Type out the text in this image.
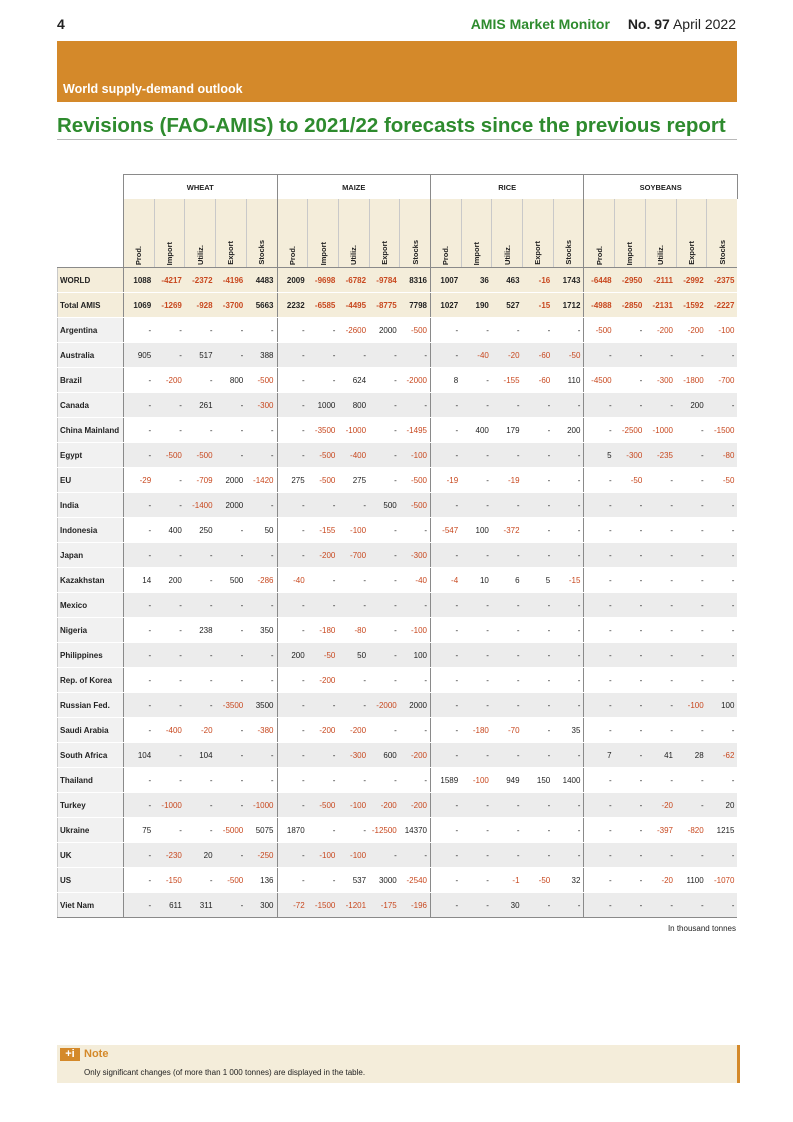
4	AMIS Market Monitor No. 97 April 2022
World supply-demand outlook
Revisions (FAO-AMIS) to 2021/22 forecasts since the previous report
	WHEAT					MAIZE					RICE					SOYBEANS				
	Prod.	Import	Utiliz.	Export	Stocks	Prod.	Import	Utiliz.	Export	Stocks	Prod.	Import	Utiliz.	Export	Stocks	Prod.	Import	Utiliz.	Export	Stocks
WORLD	1088	-4217	-2372	-4196	4483	2009	-9698	-6782	-9784	8316	1007	36	463	-16	1743	-6448	-2950	-2111	-2992	-2375
Total AMIS	1069	-1269	-928	-3700	5663	2232	-6585	-4495	-8775	7798	1027	190	527	-15	1712	-4988	-2850	-2131	-1592	-2227
Argentina	-	-	-	-	-	-	-	-2600	2000	-500	-	-	-	-	-	-500	-	-200	-200	-100
Australia	905	-	517	-	388	-	-	-	-	-	-	-40	-20	-60	-50	-	-	-	-	-
Brazil	-	-200	-	800	-500	-	-	624	-	-2000	8	-	-155	-60	110	-4500	-	-300	-1800	-700
Canada	-	-	261	-	-300	-	1000	800	-	-	-	-	-	-	-	-	-	-	200	-
China Mainland	-	-	-	-	-	-	-3500	-1000	-	-1495	-	400	179	-	200	-	-2500	-1000	-	-1500
Egypt	-	-500	-500	-	-	-	-500	-400	-	-100	-	-	-	-	-	5	-300	-235	-	-80
EU	-29	-	-709	2000	-1420	275	-500	275	-	-500	-19	-	-19	-	-	-	-50	-	-	-50
India	-	-	-1400	2000	-	-	-	-	500	-500	-	-	-	-	-	-	-	-	-	-
Indonesia	-	400	250	-	50	-	-155	-100	-	-	-547	100	-372	-	-	-	-	-	-	-
Japan	-	-	-	-	-	-	-200	-700	-	-300	-	-	-	-	-	-	-	-	-	-
Kazakhstan	14	200	-	500	-286	-40	-	-	-	-40	-4	10	6	5	-15	-	-	-	-	-
Mexico	-	-	-	-	-	-	-	-	-	-	-	-	-	-	-	-	-	-	-	-
Nigeria	-	-	238	-	350	-	-180	-80	-	-100	-	-	-	-	-	-	-	-	-	-
Philippines	-	-	-	-	-	200	-50	50	-	100	-	-	-	-	-	-	-	-	-	-
Rep. of Korea	-	-	-	-	-	-	-200	-	-	-	-	-	-	-	-	-	-	-	-	-
Russian Fed.	-	-	-	-3500	3500	-	-	-	-2000	2000	-	-	-	-	-	-	-	-	-100	100
Saudi Arabia	-	-400	-20	-	-380	-	-200	-200	-	-	-	-180	-70	-	35	-	-	-	-	-
South Africa	104	-	104	-	-	-	-	-300	600	-200	-	-	-	-	-	7	-	41	28	-62
Thailand	-	-	-	-	-	-	-	-	-	-	1589	-100	949	150	1400	-	-	-	-	-
Turkey	-	-1000	-	-	-1000	-	-500	-100	-200	-200	-	-	-	-	-	-	-	-20	-	20
Ukraine	75	-	-	-5000	5075	1870	-	-	-12500	14370	-	-	-	-	-	-	-	-397	-820	1215
UK	-	-230	20	-	-250	-	-100	-100	-	-	-	-	-	-	-	-	-	-	-	-
US	-	-150	-	-500	136	-	-	537	3000	-2540	-	-	-1	-50	32	-	-	-20	1100	-1070
Viet Nam	-	611	311	-	300	-72	-1500	-1201	-175	-196	-	-	30	-	-	-	-	-	-	-
In thousand tonnes
+i Note
Only significant changes (of more than 1 000 tonnes) are displayed in the table.
